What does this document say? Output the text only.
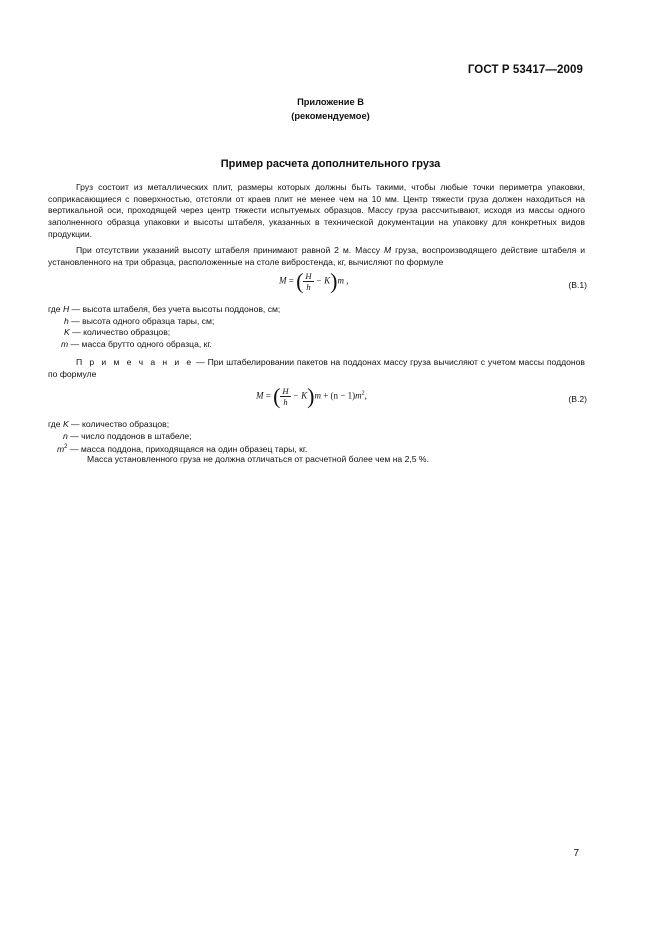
ГОСТ Р 53417—2009
Приложение В
(рекомендуемое)
Пример расчета дополнительного груза
Груз состоит из металлических плит, размеры которых должны быть такими, чтобы любые точки периметра упаковки, соприкасающиеся с поверхностью, отстояли от краев плит не менее чем на 10 мм. Центр тяжести груза должен находиться на вертикальной оси, проходящей через центр тяжести испытуемых образцов. Массу груза рассчитывают, исходя из массы одного заполненного образца упаковки и высоты штабеля, указанных в технической документации на упаковку для конкретных видов продукции.
При отсутствии указаний высоту штабеля принимают равной 2 м. Массу М груза, воспроизводящего действие штабеля и установленного на три образца, расположенные на столе вибростенда, кг, вычисляют по формуле
M = ( $\frac{H}{h} - K)m$ ,	(В.1)
где H — высота штабеля, без учета высоты поддонов, см;
h — высота одного образца тары, см;
K — количество образцов;
m — масса брутто одного образца, кг.
П р и м е ч а н и е — При штабелировании пакетов на поддонах массу груза вычисляют с учетом массы поддонов по формуле
M = ( $\frac{H}{h} - K)m + (n - 1)m^2$,	(В.2)
где K — количество образцов;
n — число поддонов в штабеле;
$m^2$ — масса поддона, приходящаяся на один образец тары, кг.
Масса установленного груза не должна отличаться от расчетной более чем на 2,5 %.
7
